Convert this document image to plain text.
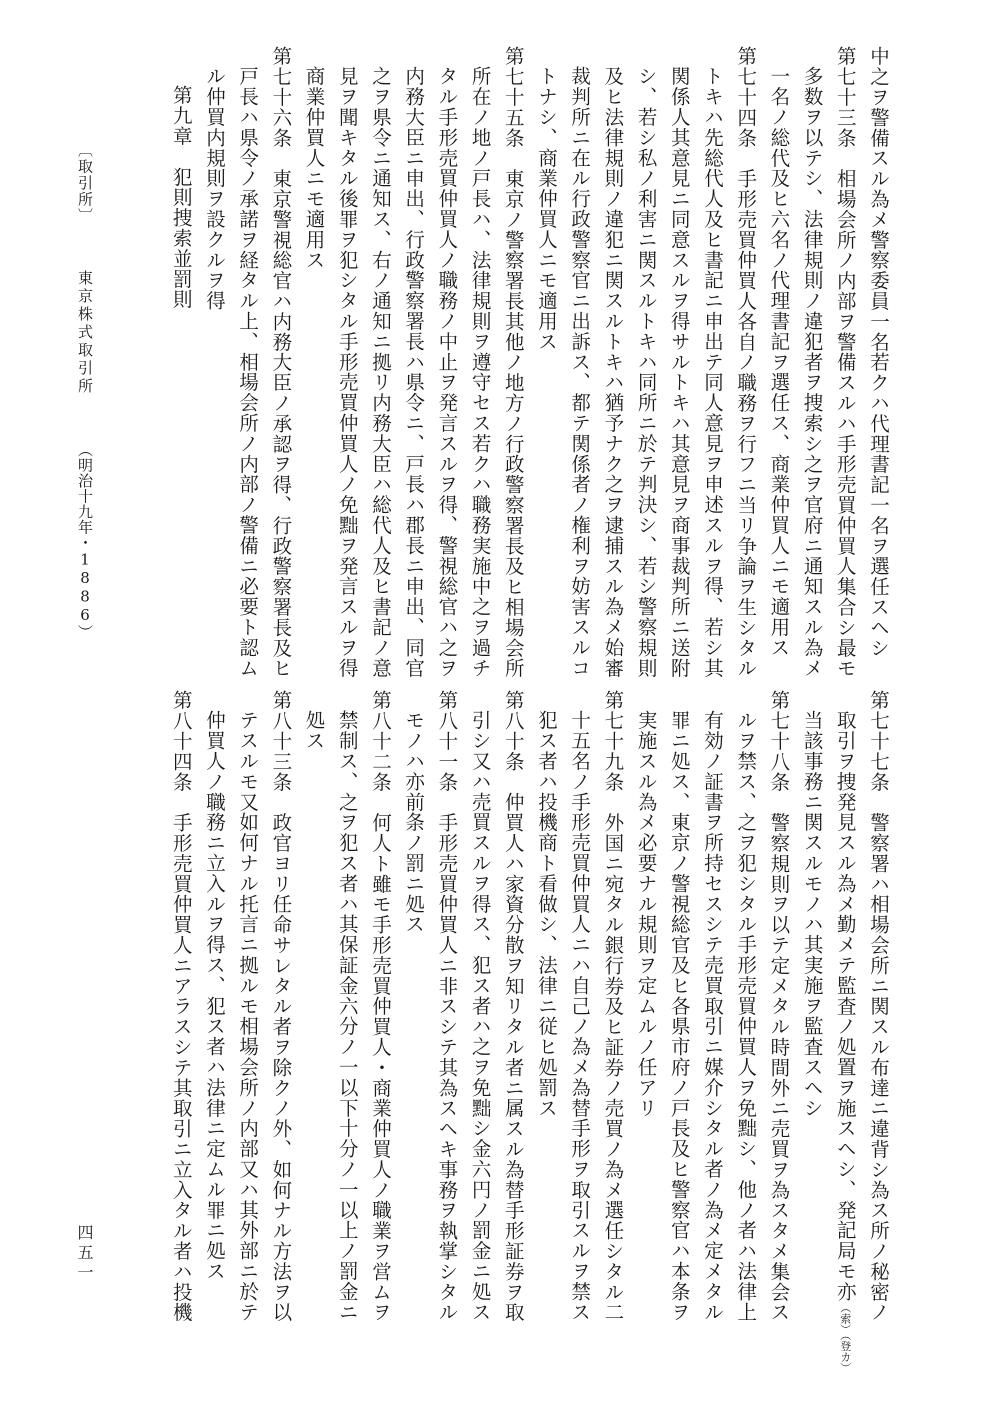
中之ヲ警備スル為メ警察委員一名若クハ代理書記一名ヲ選任スヘシ
第七十三条　相場会所ノ内部ヲ警備スルハ手形売買仲買人集合シ最モ
多数ヲ以テシ、法律規則ノ違犯者ヲ捜索シ之ヲ官府ニ通知スル為メ
一名ノ総代及ヒ六名ノ代理書記ヲ選任ス、商業仲買人ニモ適用ス
第七十四条　手形売買仲買人各自ノ職務ヲ行フニ当リ争論ヲ生シタル
トキハ先総代人及ヒ書記ニ申出テ同人意見ヲ申述スルヲ得、若シ其
関係人其意見ニ同意スルヲ得サルトキハ其意見ヲ商事裁判所ニ送附
シ、若シ私ノ利害ニ関スルトキハ同所ニ於テ判決シ、若シ警察規則
及ヒ法律規則ノ違犯ニ関スルトキハ猶予ナク之ヲ逮捕スル為メ始審
裁判所ニ在ル行政警察官ニ出訴ス、都テ関係者ノ権利ヲ妨害スルコ
トナシ、商業仲買人ニモ適用ス
第七十五条　東京ノ警察署長其他ノ地方ノ行政警察署長及ヒ相場会所
所在ノ地ノ戸長ハ、法律規則ヲ遵守セス若クハ職務実施中之ヲ過チ
タル手形売買仲買人ノ職務ノ中止ヲ発言スルヲ得、警視総官ハ之ヲ
内務大臣ニ申出、行政警察署長ハ県令ニ、戸長ハ郡長ニ申出、同官
之ヲ県令ニ通知ス、右ノ通知ニ拠リ内務大臣ハ総代人及ヒ書記ノ意
見ヲ聞キタル後罪ヲ犯シタル手形売買仲買人ノ免黜ヲ発言スルヲ得
商業仲買人ニモ適用ス
第七十六条　東京警視総官ハ内務大臣ノ承認ヲ得、行政警察署長及ヒ
戸長ハ県令ノ承諾ヲ経タル上、相場会所ノ内部ノ警備ニ必要ト認ム
ル仲買内規則ヲ設クルヲ得
第九章　犯則捜索並罰則
第七十七条　警察署ハ相場会所ニ関スル布達ニ違背シ為ス所ノ秘密ノ
取引ヲ捜発見スル為メ勤メテ監査ノ処置ヲ施スヘシ、発記局モ亦（索）（登カ）
当該事務ニ関スルモノハ其実施ヲ監査スヘシ
第七十八条　警察規則ヲ以テ定メタル時間外ニ売買ヲ為スタメ集会ス
ルヲ禁ス、之ヲ犯シタル手形売買仲買人ヲ免黜シ、他ノ者ハ法律上
有効ノ証書ヲ所持セスシテ売買取引ニ媒介シタル者ノ為メ定メタル
罪ニ処ス、東京ノ警視総官及ヒ各県市府ノ戸長及ヒ警察官ハ本条ヲ
実施スル為メ必要ナル規則ヲ定ムルノ任アリ
第七十九条　外国ニ宛タル銀行券及ヒ証券ノ売買ノ為メ選任シタル二
十五名ノ手形売買仲買人ニハ自己ノ為メ為替手形ヲ取引スルヲ禁ス
犯ス者ハ投機商ト看做シ、法律ニ従ヒ処罰ス
第八十条　仲買人ハ家資分散ヲ知リタル者ニ属スル為替手形証券ヲ取
引シ又ハ売買スルヲ得ス、犯ス者ハ之ヲ免黜シ金六円ノ罰金ニ処ス
第八十一条　手形売買仲買人ニ非スシテ其為スヘキ事務ヲ執掌シタル
モノハ亦前条ノ罰ニ処ス
第八十二条　何人ト雖モ手形売買仲買人・商業仲買人ノ職業ヲ営ムヲ
禁制ス、之ヲ犯ス者ハ其保証金六分ノ一以下十分ノ一以上ノ罰金ニ
処ス
第八十三条　政官ヨリ任命サレタル者ヲ除クノ外、如何ナル方法ヲ以
テスルモ又如何ナル托言ニ拠ルモ相場会所ノ内部又ハ其外部ニ於テ
仲買人ノ職務ニ立入ルヲ得ス、犯ス者ハ法律ニ定ムル罪ニ処ス
第八十四条　手形売買仲買人ニアラスシテ其取引ニ立入タル者ハ投機
〔取引所〕 東京株式取引所 （明治十九年・1886）
四五一
